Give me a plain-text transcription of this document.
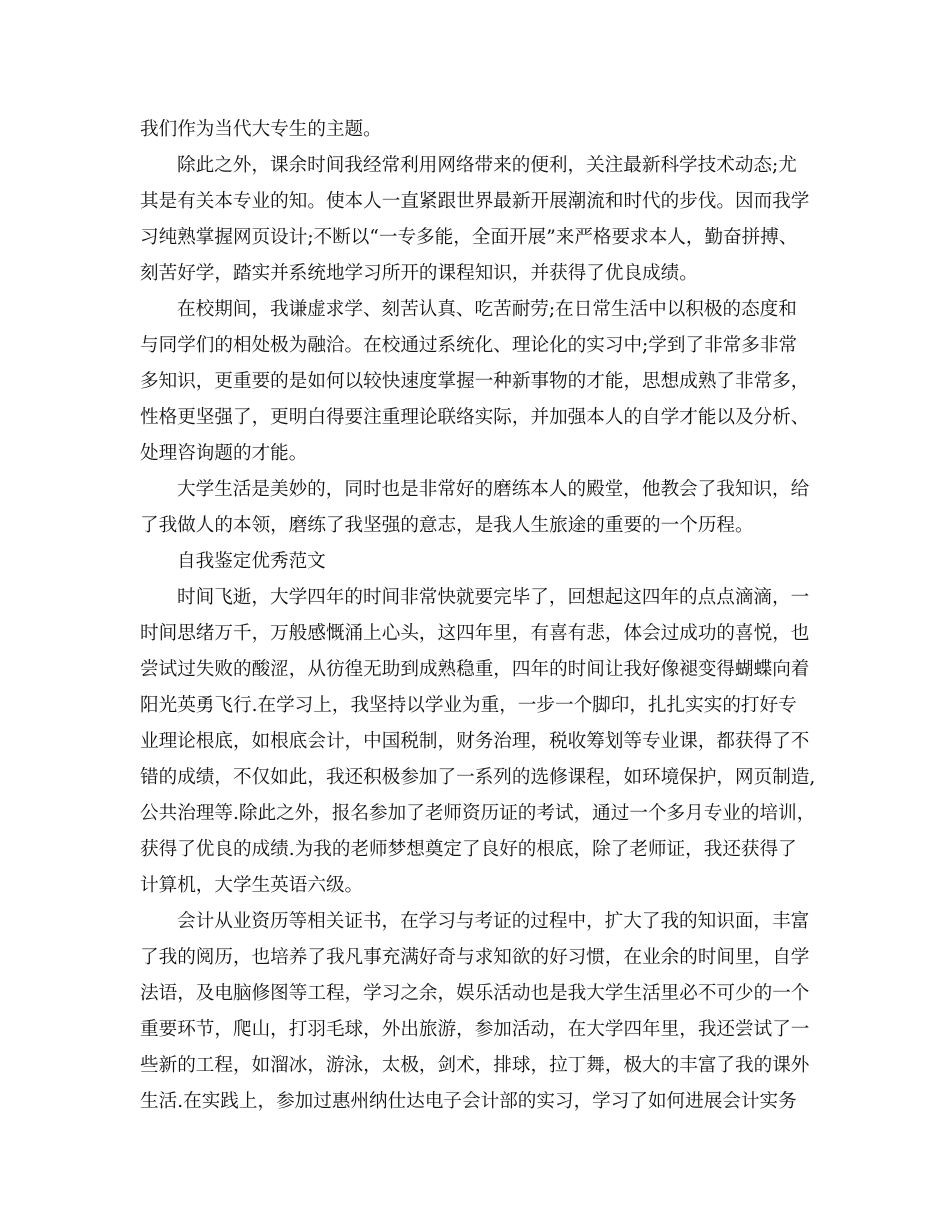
我们作为当代大专生的主题。
除此之外，课余时间我经常利用网络带来的便利，关注最新科学技术动态;尤
其是有关本专业的知。使本人一直紧跟世界最新开展潮流和时代的步伐。因而我学
习纯熟掌握网页设计;不断以“一专多能，全面开展”来严格要求本人，勤奋拼搏、
刻苦好学，踏实并系统地学习所开的课程知识，并获得了优良成绩。
在校期间，我谦虚求学、刻苦认真、吃苦耐劳;在日常生活中以积极的态度和
与同学们的相处极为融洽。在校通过系统化、理论化的实习中;学到了非常多非常
多知识，更重要的是如何以较快速度掌握一种新事物的才能，思想成熟了非常多，
性格更坚强了，更明白得要注重理论联络实际，并加强本人的自学才能以及分析、
处理咨询题的才能。
大学生活是美妙的，同时也是非常好的磨练本人的殿堂，他教会了我知识，给
了我做人的本领，磨练了我坚强的意志，是我人生旅途的重要的一个历程。
自我鉴定优秀范文
时间飞逝，大学四年的时间非常快就要完毕了，回想起这四年的点点滴滴，一
时间思绪万千，万般感慨涌上心头，这四年里，有喜有悲，体会过成功的喜悦，也
尝试过失败的酸涩，从彷徨无助到成熟稳重，四年的时间让我好像褪变得蝴蝶向着
阳光英勇飞行.在学习上，我坚持以学业为重，一步一个脚印，扎扎实实的打好专
业理论根底，如根底会计，中国税制，财务治理，税收筹划等专业课，都获得了不
错的成绩，不仅如此，我还积极参加了一系列的选修课程，如环境保护，网页制造,
公共治理等.除此之外，报名参加了老师资历证的考试，通过一个多月专业的培训，
获得了优良的成绩.为我的老师梦想奠定了良好的根底，除了老师证，我还获得了
计算机，大学生英语六级。
会计从业资历等相关证书，在学习与考证的过程中，扩大了我的知识面，丰富
了我的阅历，也培养了我凡事充满好奇与求知欲的好习惯，在业余的时间里，自学
法语，及电脑修图等工程，学习之余，娱乐活动也是我大学生活里必不可少的一个
重要环节，爬山，打羽毛球，外出旅游，参加活动，在大学四年里，我还尝试了一
些新的工程，如溜冰，游泳，太极，剑术，排球，拉丁舞，极大的丰富了我的课外
生活.在实践上，参加过惠州纳仕达电子会计部的实习，学习了如何进展会计实务
